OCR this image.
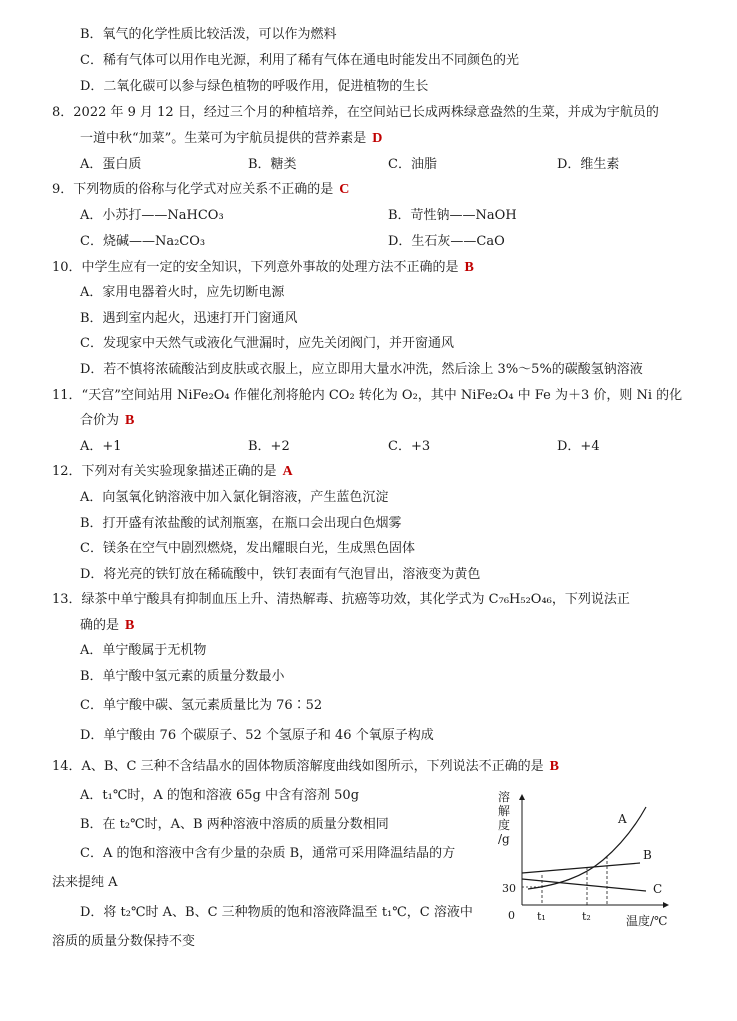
B．氧气的化学性质比较活泼，可以作为燃料
C．稀有气体可以用作电光源，利用了稀有气体在通电时能发出不同颜色的光
D．二氧化碳可以参与绿色植物的呼吸作用，促进植物的生长
8．2022 年 9 月 12 日，经过三个月的种植培养，在空间站已长成两株绿意盎然的生菜，并成为宇航员的
一道中秋“加菜”。生菜可为宇航员提供的营养素是 D
A．蛋白质	B．糖类	C．油脂	D．维生素
9．下列物质的俗称与化学式对应关系不正确的是 C
A．小苏打——NaHCO₃	B．苛性钠——NaOH
C．烧碱——Na₂CO₃	D．生石灰——CaO
10．中学生应有一定的安全知识，下列意外事故的处理方法不正确的是 B
A．家用电器着火时，应先切断电源
B．遇到室内起火，迅速打开门窗通风
C．发现家中天然气或液化气泄漏时，应先关闭阀门，并开窗通风
D．若不慎将浓硫酸沾到皮肤或衣服上，应立即用大量水冲洗，然后涂上 3%～5%的碳酸氢钠溶液
11．“天宫”空间站用 NiFe₂O₄ 作催化剂将舱内 CO₂ 转化为 O₂，其中 NiFe₂O₄ 中 Fe 为＋3 价，则 Ni 的化
合价为 B
A．+1	B．+2	C．+3	D．+4
12．下列对有关实验现象描述正确的是 A
A．向氢氧化钠溶液中加入氯化铜溶液，产生蓝色沉淀
B．打开盛有浓盐酸的试剂瓶塞，在瓶口会出现白色烟雾
C．镁条在空气中剧烈燃烧，发出耀眼白光，生成黑色固体
D．将光亮的铁钉放在稀硫酸中，铁钉表面有气泡冒出，溶液变为黄色
13．绿茶中单宁酸具有抑制血压上升、清热解毒、抗癌等功效，其化学式为 C₇₆H₅₂O₄₆，下列说法正
确的是 B
A．单宁酸属于无机物
B．单宁酸中氢元素的质量分数最小
C．单宁酸中碳、氢元素质量比为 76∶52
D．单宁酸由 76 个碳原子、52 个氢原子和 46 个氧原子构成
14．A、B、C 三种不含结晶水的固体物质溶解度曲线如图所示，下列说法不正确的是 B
A．t₁℃时，A 的饱和溶液 65g 中含有溶剂 50g
B．在 t₂℃时，A、B 两种溶液中溶质的质量分数相同
C．A 的饱和溶液中含有少量的杂质 B，通常可采用降温结晶的方
法来提纯 A
D．将 t₂℃时 A、B、C 三种物质的饱和溶液降温至 t₁℃，C 溶液中
溶质的质量分数保持不变
溶
解
度
/g
0
30
A
B
C
t₁	t₂	温度/℃
